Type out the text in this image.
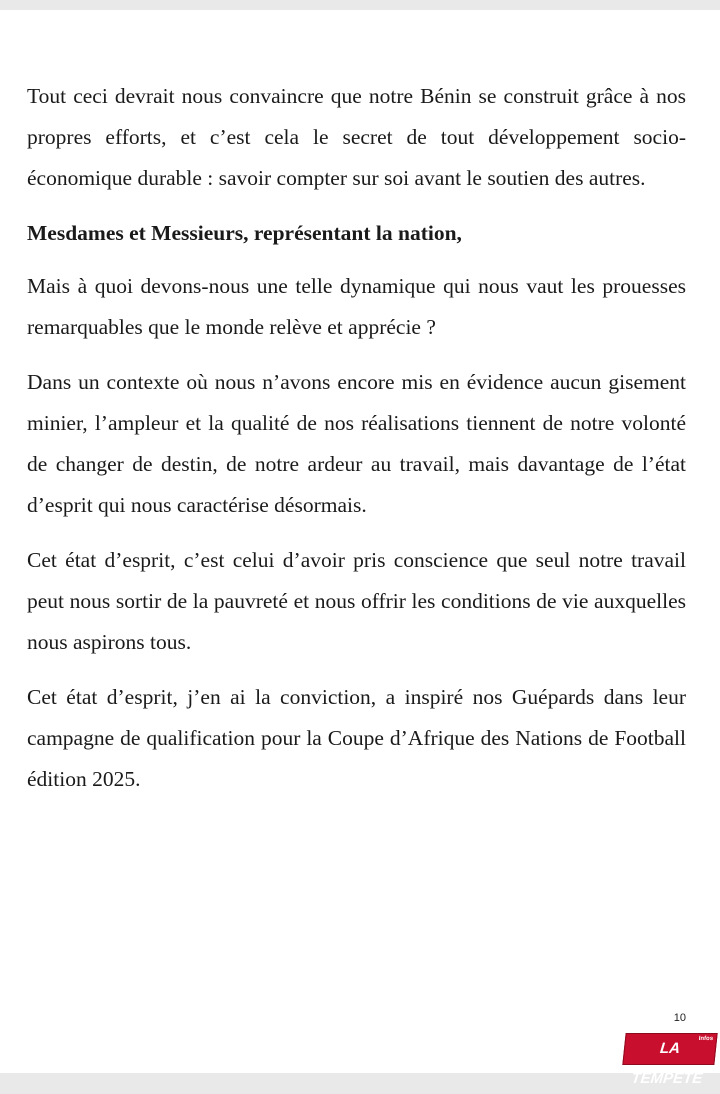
Tout ceci devrait nous convaincre que notre Bénin se construit grâce à nos propres efforts, et c’est cela le secret de tout développement socio-économique durable : savoir compter sur soi avant le soutien des autres.

Mesdames et Messieurs, représentant la nation,

Mais à quoi devons-nous une telle dynamique qui nous vaut les prouesses remarquables que le monde relève et apprécie ?

Dans un contexte où nous n’avons encore mis en évidence aucun gisement minier, l’ampleur et la qualité de nos réalisations tiennent de notre volonté de changer de destin, de notre ardeur au travail, mais davantage de l’état d’esprit qui nous caractérise désormais.

Cet état d’esprit, c’est celui d’avoir pris conscience que seul notre travail peut nous sortir de la pauvreté et nous offrir les conditions de vie auxquelles nous aspirons tous.

Cet état d’esprit, j’en ai la conviction, a inspiré nos Guépards dans leur campagne de qualification pour la Coupe d’Afrique des Nations de Football édition 2025.

10
LA TEMPÊTE
Infos
